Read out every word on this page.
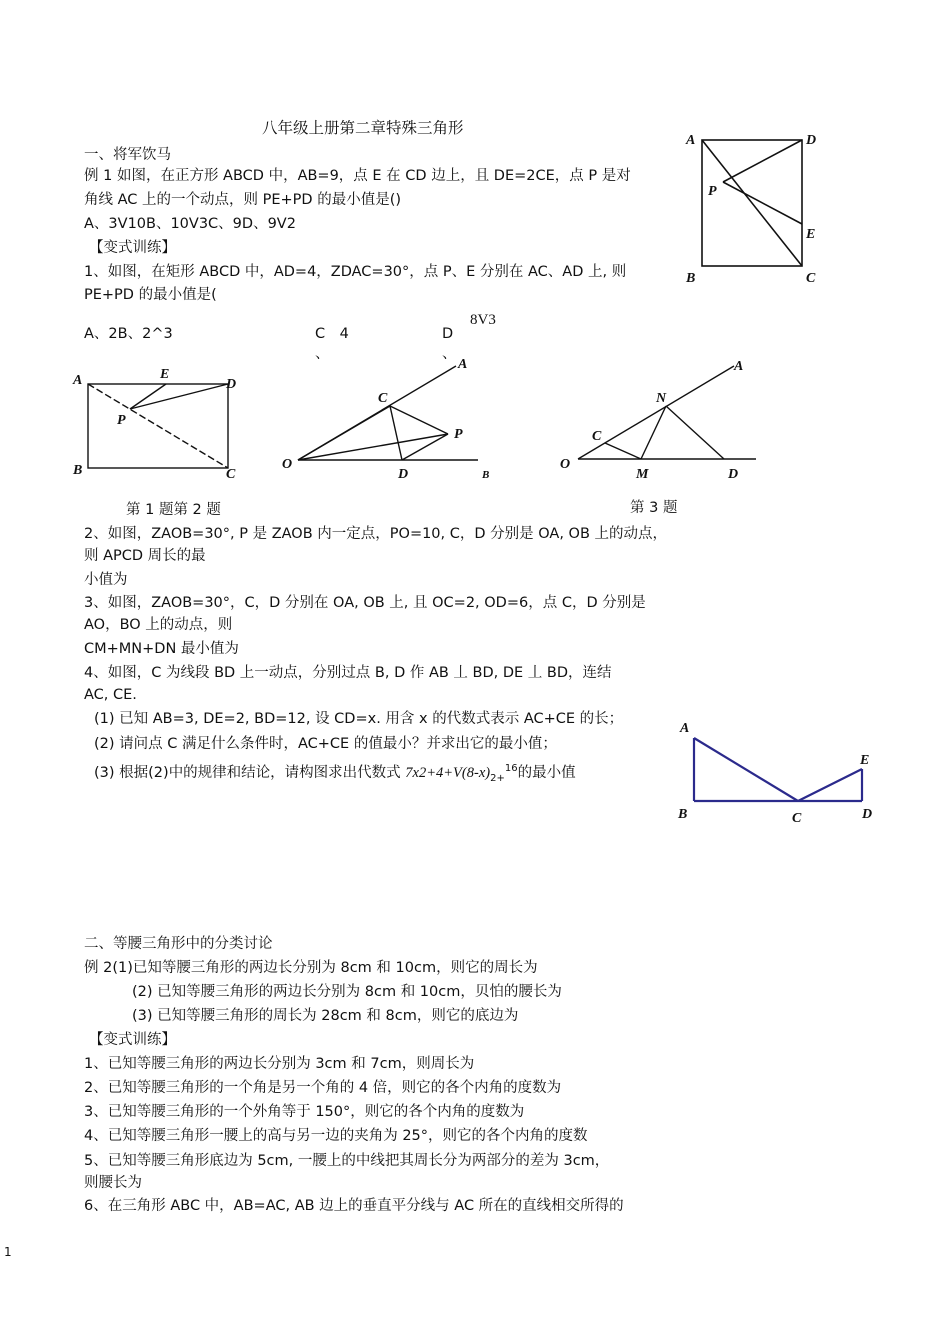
八年级上册第二章特殊三角形
一、将军饮马
例 1 如图，在正方形 ABCD 中，AB=9，点 E 在 CD 边上，且 DE=2CE，点 P 是对
角线 AC 上的一个动点，则 PE+PD 的最小值是()
A、3V10B、10V3C、9D、9V2
【变式训练】
1、如图，在矩形 ABCD 中，AD=4，ZDAC=30°，点 P、E 分别在 AC、AD 上, 则
PE+PD 的最小值是(
A、2B、2^3	C　4
、
D
、
8V3
A	D
P
E
B	C
A	E
D
P
B	C
A
C
P
O
D	B
A
N
C
O
M	D
第 1 题第 2 题	第 3 题
2、如图，ZAOB=30°, P 是 ZAOB 内一定点，PO=10, C，D 分别是 OA, OB 上的动点，
则 APCD 周长的最
小值为
3、如图，ZAOB=30°，C，D 分别在 OA, OB 上, 且 OC=2, OD=6，点 C，D 分别是
AO，BO 上的动点，则
CM+MN+DN 最小值为
4、如图，C 为线段 BD 上一动点，分别过点 B, D 作 AB 丄 BD, DE 丄 BD，连结
AC, CE.
(1) 已知 AB=3, DE=2, BD=12, 设 CD=x. 用含 x 的代数式表示 AC+CE 的长；
(2) 请问点 C 满足什么条件时，AC+CE 的值最小？并求出它的最小值；
(3) 根据(2)中的规律和结论，请构图求出代数式 $7x2+4+V(8-x)_{2+}^{16}$的最小值
A
E
B	C	D
二、等腰三角形中的分类讨论
例 2(1)已知等腰三角形的两边长分别为 8cm 和 10cm，则它的周长为
(2) 已知等腰三角形的两边长分别为 8cm 和 10cm，贝怕的腰长为
(3) 已知等腰三角形的周长为 28cm 和 8cm，则它的底边为
【变式训练】
1、已知等腰三角形的两边长分别为 3cm 和 7cm，则周长为
2、已知等腰三角形的一个角是另一个角的 4 倍，则它的各个内角的度数为
3、已知等腰三角形的一个外角等于 150°，则它的各个内角的度数为
4、已知等腰三角形一腰上的高与另一边的夹角为 25°，则它的各个内角的度数
5、已知等腰三角形底边为 5cm, 一腰上的中线把其周长分为两部分的差为 3cm，
则腰长为
6、在三角形 ABC 中，AB=AC, AB 边上的垂直平分线与 AC 所在的直线相交所得的
1
